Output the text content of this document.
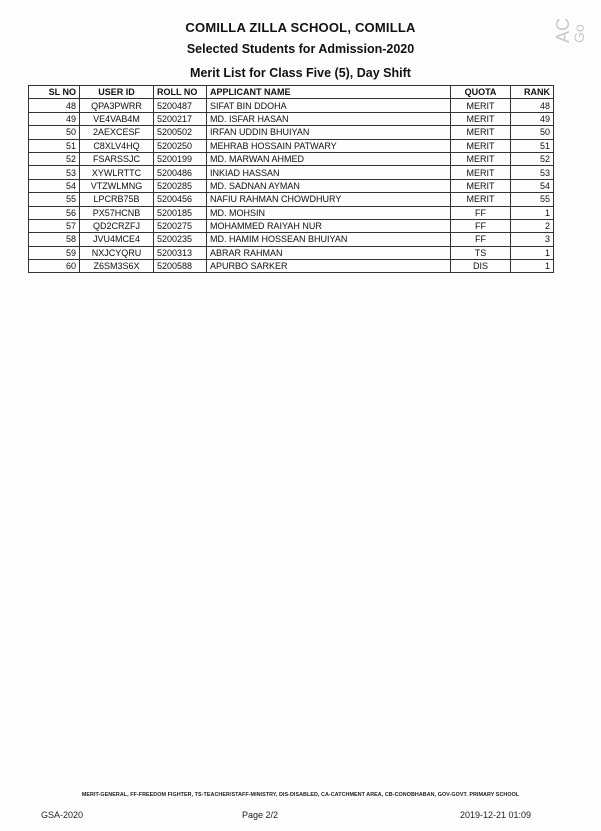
AC
Go
COMILLA ZILLA SCHOOL, COMILLA
Selected Students for Admission-2020
Merit List for Class Five (5), Day Shift
SL NO	USER ID	ROLL NO	APPLICANT NAME	QUOTA	RANK
48	QPA3PWRR	5200487	SIFAT BIN DDOHA	MERIT	48
49	VE4VAB4M	5200217	MD. ISFAR HASAN	MERIT	49
50	2AEXCESF	5200502	IRFAN UDDIN BHUIYAN	MERIT	50
51	C8XLV4HQ	5200250	MEHRAB HOSSAIN PATWARY	MERIT	51
52	FSARSSJC	5200199	MD. MARWAN AHMED	MERIT	52
53	XYWLRTTC	5200486	INKIAD HASSAN	MERIT	53
54	VTZWLMNG	5200285	MD. SADNAN AYMAN	MERIT	54
55	LPCRB75B	5200456	NAFIU RAHMAN CHOWDHURY	MERIT	55
56	PX57HCNB	5200185	MD. MOHSIN	FF	1
57	QD2CRZFJ	5200275	MOHAMMED RAIYAH NUR	FF	2
58	JVU4MCE4	5200235	MD. HAMIM HOSSEAN BHUIYAN	FF	3
59	NXJCYQRU	5200313	ABRAR RAHMAN	TS	1
60	Z6SM3S6X	5200588	APURBO SARKER	DIS	1
MERIT-GENERAL, FF-FREEDOM FIGHTER, TS-TEACHER/STAFF-MINISTRY, DIS-DISABLED, CA-CATCHMENT AREA, CB-CONOBHABAN, GOV-GOVT. PRIMARY SCHOOL
GSA-2020	Page 2/2	2019-12-21 01:09
